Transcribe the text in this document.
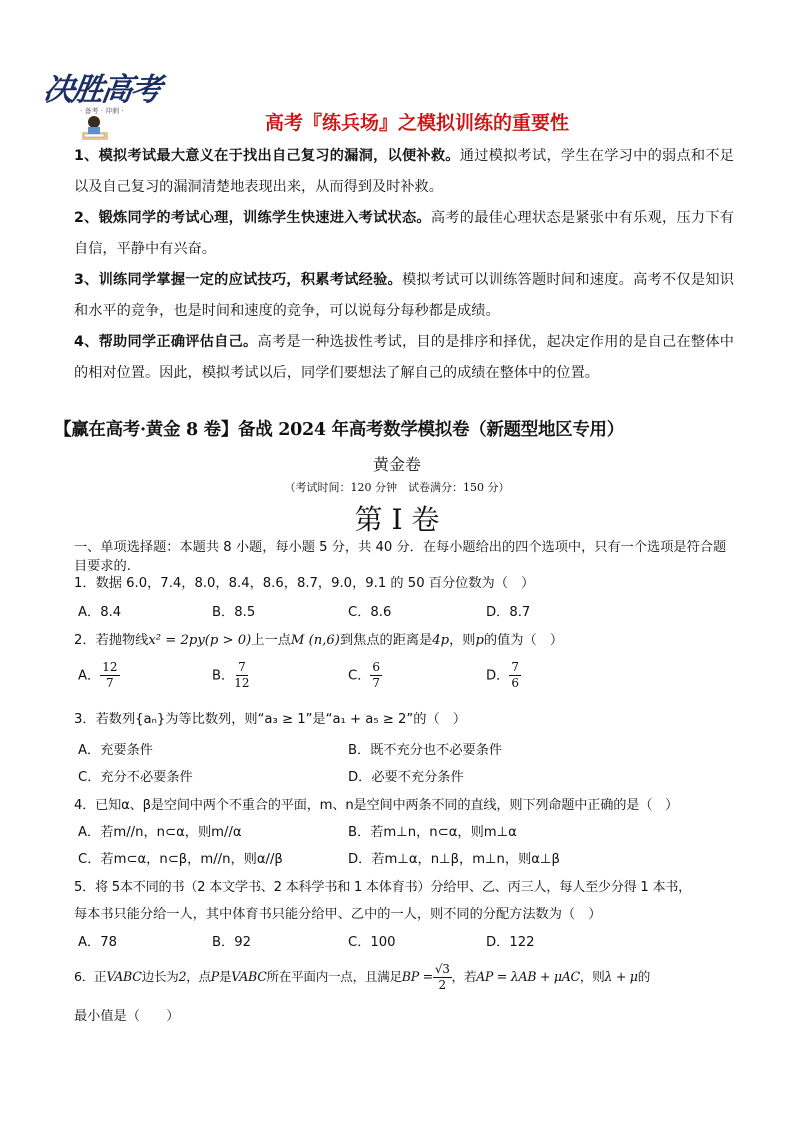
决胜高考
· 备考 · 冲刺 ·
高考『练兵场』之模拟训练的重要性
1、模拟考试最大意义在于找出自己复习的漏洞，以便补救。通过模拟考试，学生在学习中的弱点和不足以及自己复习的漏洞清楚地表现出来，从而得到及时补救。
2、锻炼同学的考试心理，训练学生快速进入考试状态。高考的最佳心理状态是紧张中有乐观，压力下有自信，平静中有兴奋。
3、训练同学掌握一定的应试技巧，积累考试经验。模拟考试可以训练答题时间和速度。高考不仅是知识和水平的竞争，也是时间和速度的竞争，可以说每分每秒都是成绩。
4、帮助同学正确评估自己。高考是一种选拔性考试，目的是排序和择优，起决定作用的是自己在整体中的相对位置。因此，模拟考试以后，同学们要想法了解自己的成绩在整体中的位置。
【赢在高考·黄金 8 卷】备战 2024 年高考数学模拟卷（新题型地区专用）
黄金卷
（考试时间：120 分钟　试卷满分：150 分）
第 I 卷
一、单项选择题：本题共 8 小题，每小题 5 分，共 40 分．在每小题给出的四个选项中，只有一个选项是符合题目要求的.
1．数据 6.0，7.4，8.0，8.4，8.6，8.7，9.0，9.1 的 50 百分位数为（　）
A．8.4	B．8.5	C．8.6	D．8.7
2．若抛物线x² = 2py(p > 0)上一点M (n,6)到焦点的距离是4p，则p的值为（　）
A． $\frac{12}{7}$	B． $\frac{7}{12}$	C． $\frac{6}{7}$	D． $\frac{7}{6}$
3．若数列{aₙ}为等比数列，则“a₃ ≥ 1”是“a₁ + a₅ ≥ 2”的（　）
A．充要条件	B．既不充分也不必要条件
C．充分不必要条件	D．必要不充分条件
4．已知α、β是空间中两个不重合的平面，m、n是空间中两条不同的直线，则下列命题中正确的是（　）
A．若m//n，n⊂α，则m//α	B．若m⊥n，n⊂α，则m⊥α
C．若m⊂α，n⊂β，m//n，则α//β	D．若m⊥α，n⊥β，m⊥n，则α⊥β
5．将 5本不同的书（2 本文学书、2 本科学书和 1 本体育书）分给甲、乙、丙三人，每人至少分得 1 本书，
每本书只能分给一人，其中体育书只能分给甲、乙中的一人，则不同的分配方法数为（　）
A．78	B．92	C．100	D．122
6．正VABC边长为2，点P是VABC所在平面内一点，且满足BP = $\frac{√3}{2}$ ，若AP = λAB + μAC，则λ + μ的
最小值是（　　）
